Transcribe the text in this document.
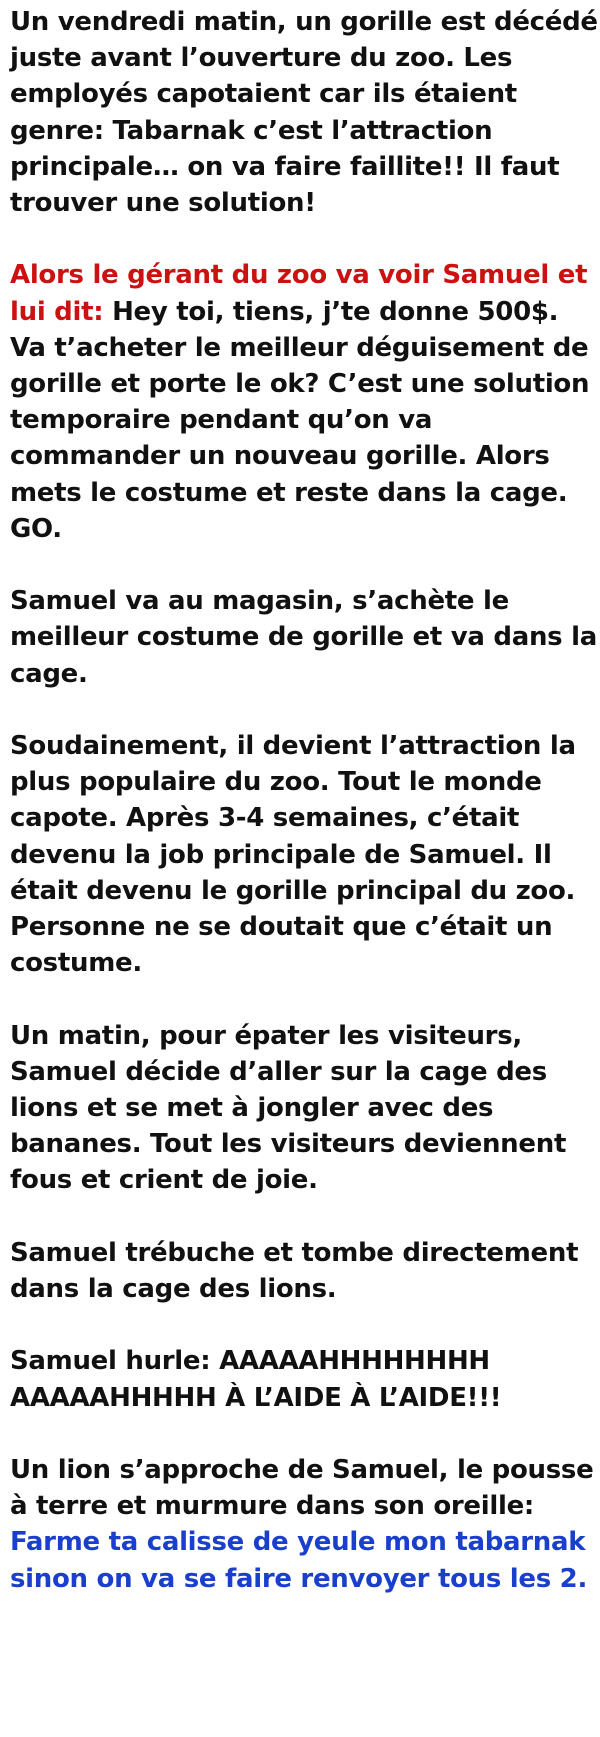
Un vendredi matin, un gorille est décédé juste avant l’ouverture du zoo. Les employés capotaient car ils étaient genre: Tabarnak c’est l’attraction principale… on va faire faillite!! Il faut trouver une solution!

Alors le gérant du zoo va voir Samuel et lui dit: Hey toi, tiens, j’te donne 500$. Va t’acheter le meilleur déguisement de gorille et porte le ok? C’est une solution temporaire pendant qu’on va commander un nouveau gorille. Alors mets le costume et reste dans la cage. GO.

Samuel va au magasin, s’achète le meilleur costume de gorille et va dans la cage.

Soudainement, il devient l’attraction la plus populaire du zoo. Tout le monde capote. Après 3-4 semaines, c’était devenu la job principale de Samuel. Il était devenu le gorille principal du zoo. Personne ne se doutait que c’était un costume.

Un matin, pour épater les visiteurs, Samuel décide d’aller sur la cage des lions et se met à jongler avec des bananes. Tout les visiteurs deviennent fous et crient de joie.

Samuel trébuche et tombe directement dans la cage des lions.

Samuel hurle: AAAAAHHHHHHHH AAAAAHHHHH À L’AIDE À L’AIDE!!!

Un lion s’approche de Samuel, le pousse à terre et murmure dans son oreille: Farme ta calisse de yeule mon tabarnak sinon on va se faire renvoyer tous les 2.
